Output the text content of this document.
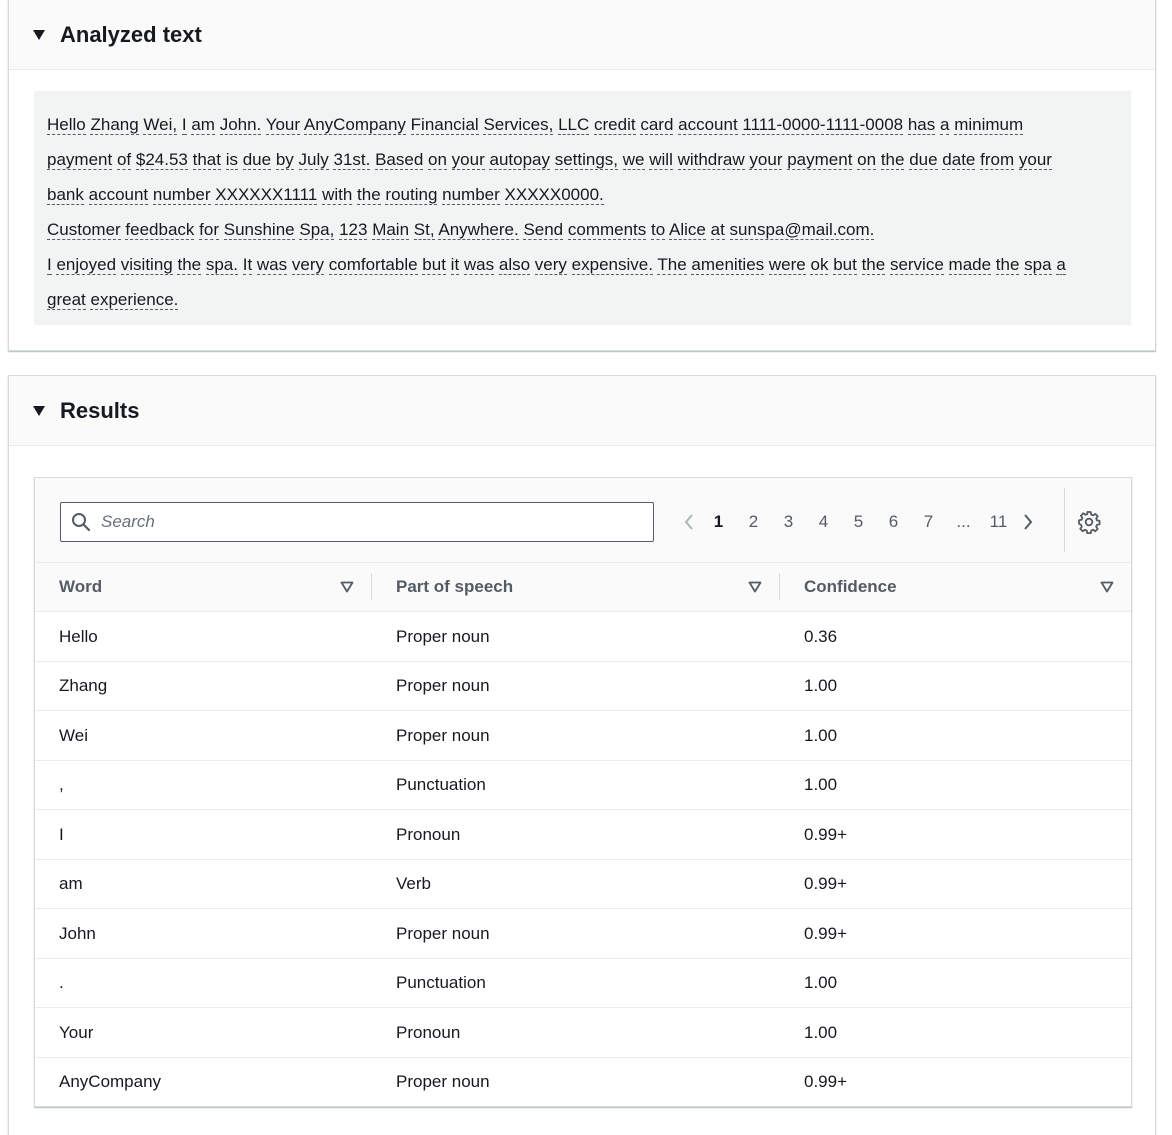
Analyzed text
Hello Zhang Wei, I am John. Your AnyCompany Financial Services, LLC credit card account 1111-0000-1111-0008 has a minimum
payment of $24.53 that is due by July 31st. Based on your autopay settings, we will withdraw your payment on the due date from your
bank account number XXXXXX1111 with the routing number XXXXX0000.
Customer feedback for Sunshine Spa, 123 Main St, Anywhere. Send comments to Alice at sunspa@mail.com.
I enjoyed visiting the spa. It was very comfortable but it was also very expensive. The amenities were ok but the service made the spa a
great experience.
Results
Search
1	2	3	4	5	6	7	...	11
Word	Part of speech	Confidence
Hello	Proper noun	0.36
Zhang	Proper noun	1.00
Wei	Proper noun	1.00
,	Punctuation	1.00
I	Pronoun	0.99+
am	Verb	0.99+
John	Proper noun	0.99+
.	Punctuation	1.00
Your	Pronoun	1.00
AnyCompany	Proper noun	0.99+
